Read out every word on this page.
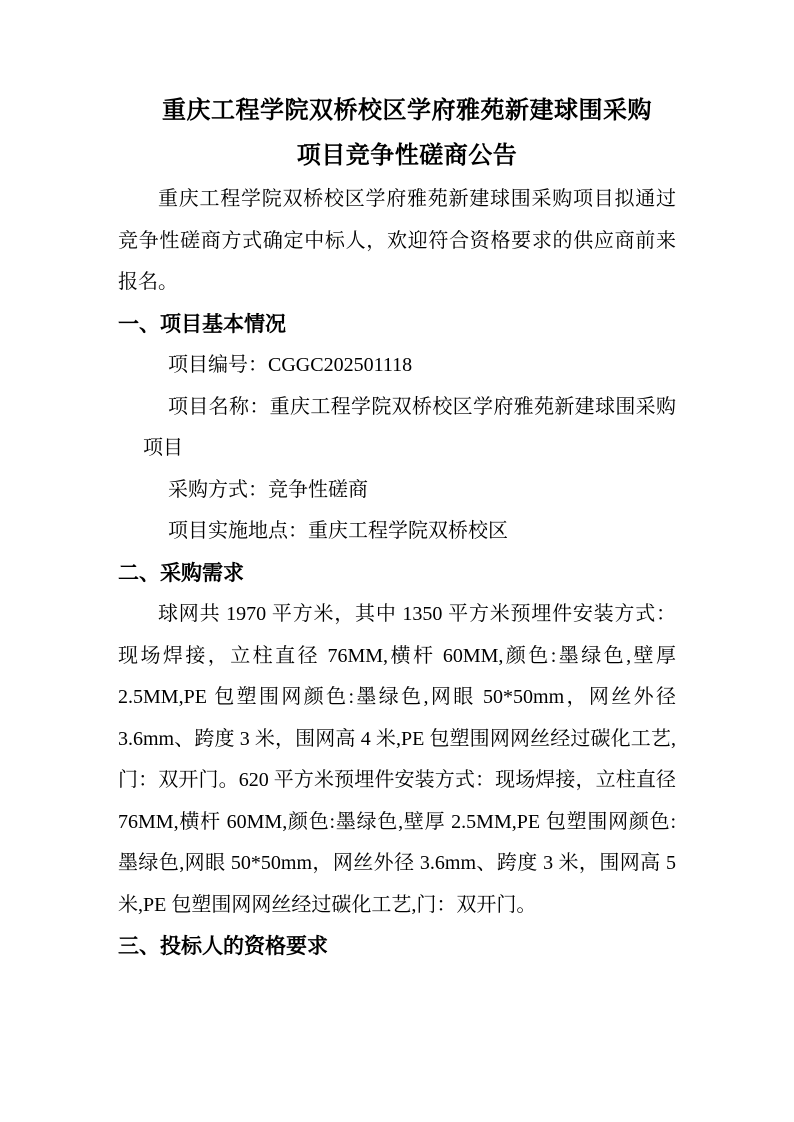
重庆工程学院双桥校区学府雅苑新建球围采购
项目竞争性磋商公告

重庆工程学院双桥校区学府雅苑新建球围采购项目拟通过竞争性磋商方式确定中标人，欢迎符合资格要求的供应商前来报名。

一、项目基本情况

项目编号：CGGC202501118

项目名称：重庆工程学院双桥校区学府雅苑新建球围采购项目

采购方式：竞争性磋商

项目实施地点：重庆工程学院双桥校区

二、采购需求

球网共 1970 平方米，其中 1350 平方米预埋件安装方式：现场焊接，立柱直径 76MM,横杆 60MM,颜色:墨绿色,壁厚 2.5MM,PE 包塑围网颜色:墨绿色,网眼 50*50mm，网丝外径 3.6mm、跨度 3 米，围网高 4 米,PE 包塑围网网丝经过碳化工艺,门：双开门。620 平方米预埋件安装方式：现场焊接，立柱直径 76MM,横杆 60MM,颜色:墨绿色,壁厚 2.5MM,PE 包塑围网颜色:墨绿色,网眼 50*50mm，网丝外径 3.6mm、跨度 3 米，围网高 5 米,PE 包塑围网网丝经过碳化工艺,门：双开门。

三、投标人的资格要求
